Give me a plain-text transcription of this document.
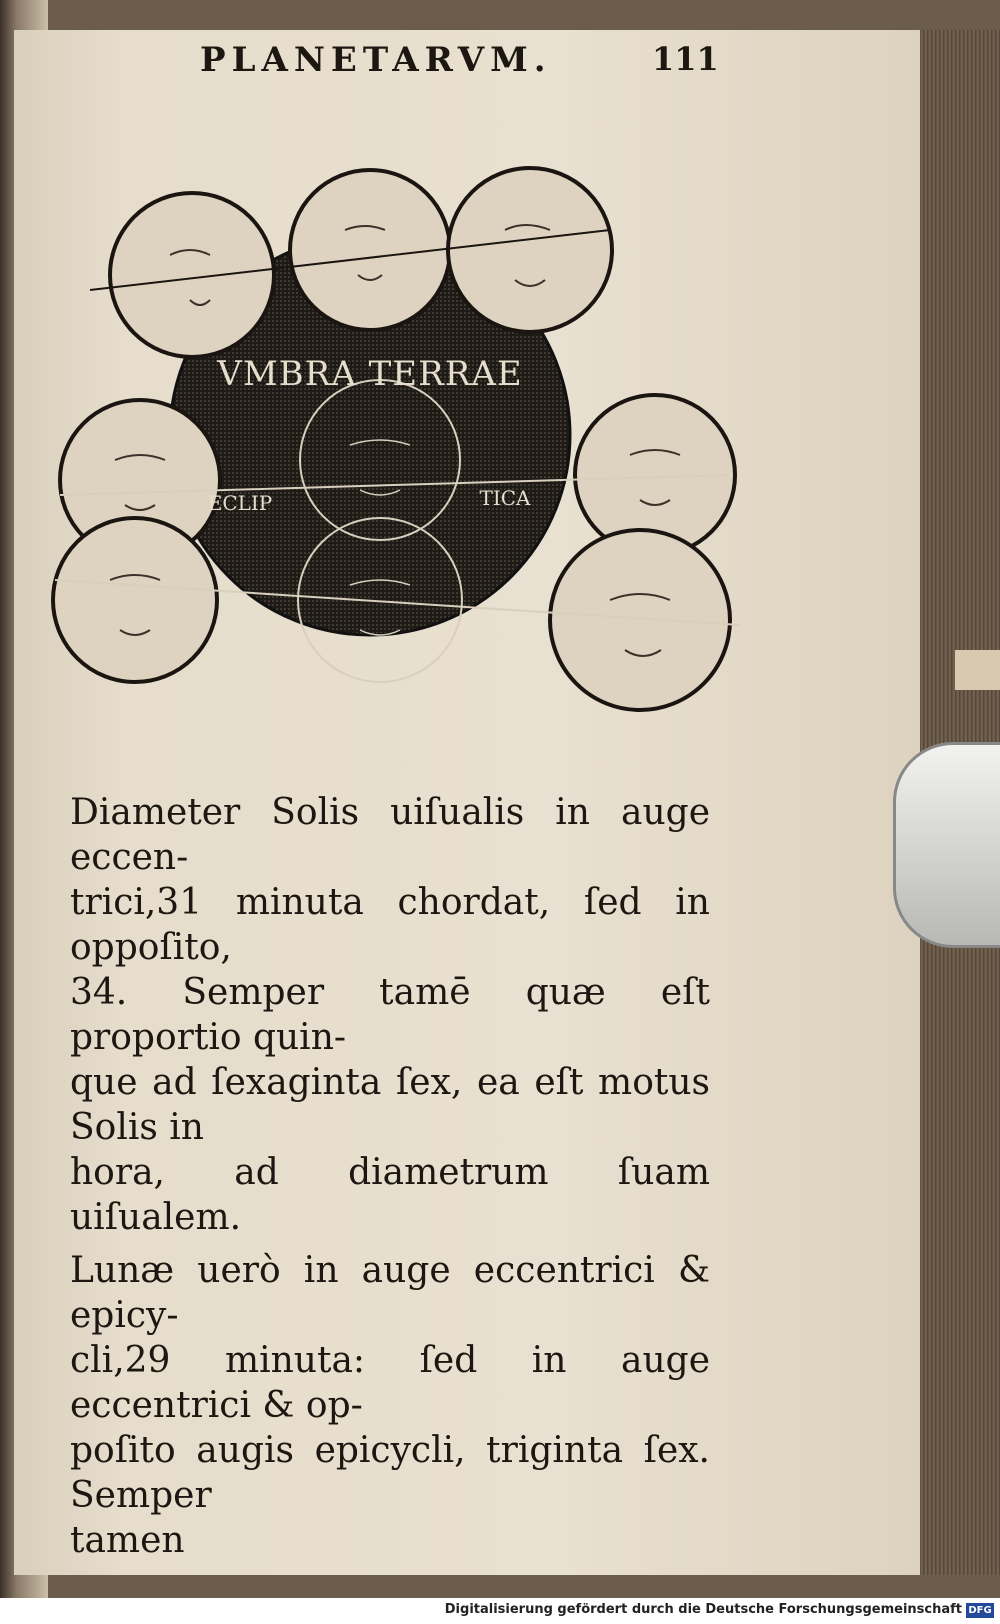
PLANETARVM.	111
VMBRA TERRAE
ECLIP	TICA

Diameter Solis uiſualis in auge eccen-

trici,31 minuta chordat, ſed in oppoſito,

34. Semper tamē quæ eſt proportio quin-

que ad ſexaginta ſex, ea eſt motus Solis in

hora, ad diametrum ſuam uiſualem.

Lunæ uerò in auge eccentrici & epicy-

cli,29 minuta: ſed in auge eccentrici & op-

poſito augis epicycli, triginta ſex. Semper

tamen

Digitalisierung gefördert durch die Deutsche Forschungsgemeinschaft DFG
